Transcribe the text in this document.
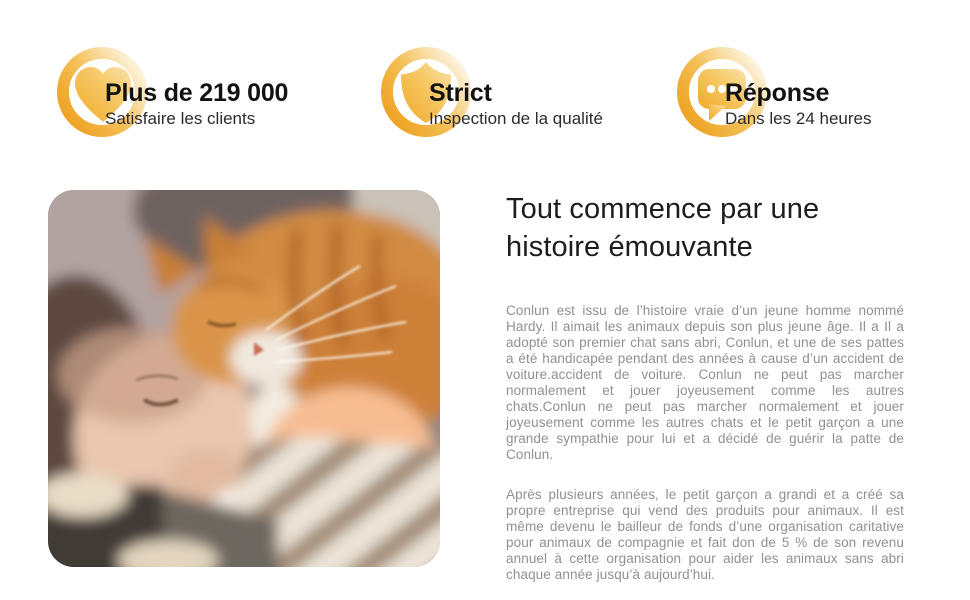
Plus de 219 000
Satisfaire les clients
Strict
Inspection de la qualité
Réponse
Dans les 24 heures
Tout commence par une histoire émouvante

Conlun est issu de l’histoire vraie d’un jeune homme nommé Hardy. Il aimait les animaux depuis son plus jeune âge. Il a Il a adopté son premier chat sans abri, Conlun, et une de ses pattes a été handicapée pendant des années à cause d’un accident de voiture.accident de voiture. Conlun ne peut pas marcher normalement et jouer joyeusement comme les autres chats.Conlun ne peut pas marcher normalement et jouer joyeusement comme les autres chats et le petit garçon a une grande sympathie pour lui et a décidé de guérir la patte de Conlun.

Après plusieurs années, le petit garçon a grandi et a créé sa propre entreprise qui vend des produits pour animaux. Il est même devenu le bailleur de fonds d’une organisation caritative pour animaux de compagnie et fait don de 5 % de son revenu annuel à cette organisation pour aider les animaux sans abri chaque année jusqu’à aujourd’hui.
